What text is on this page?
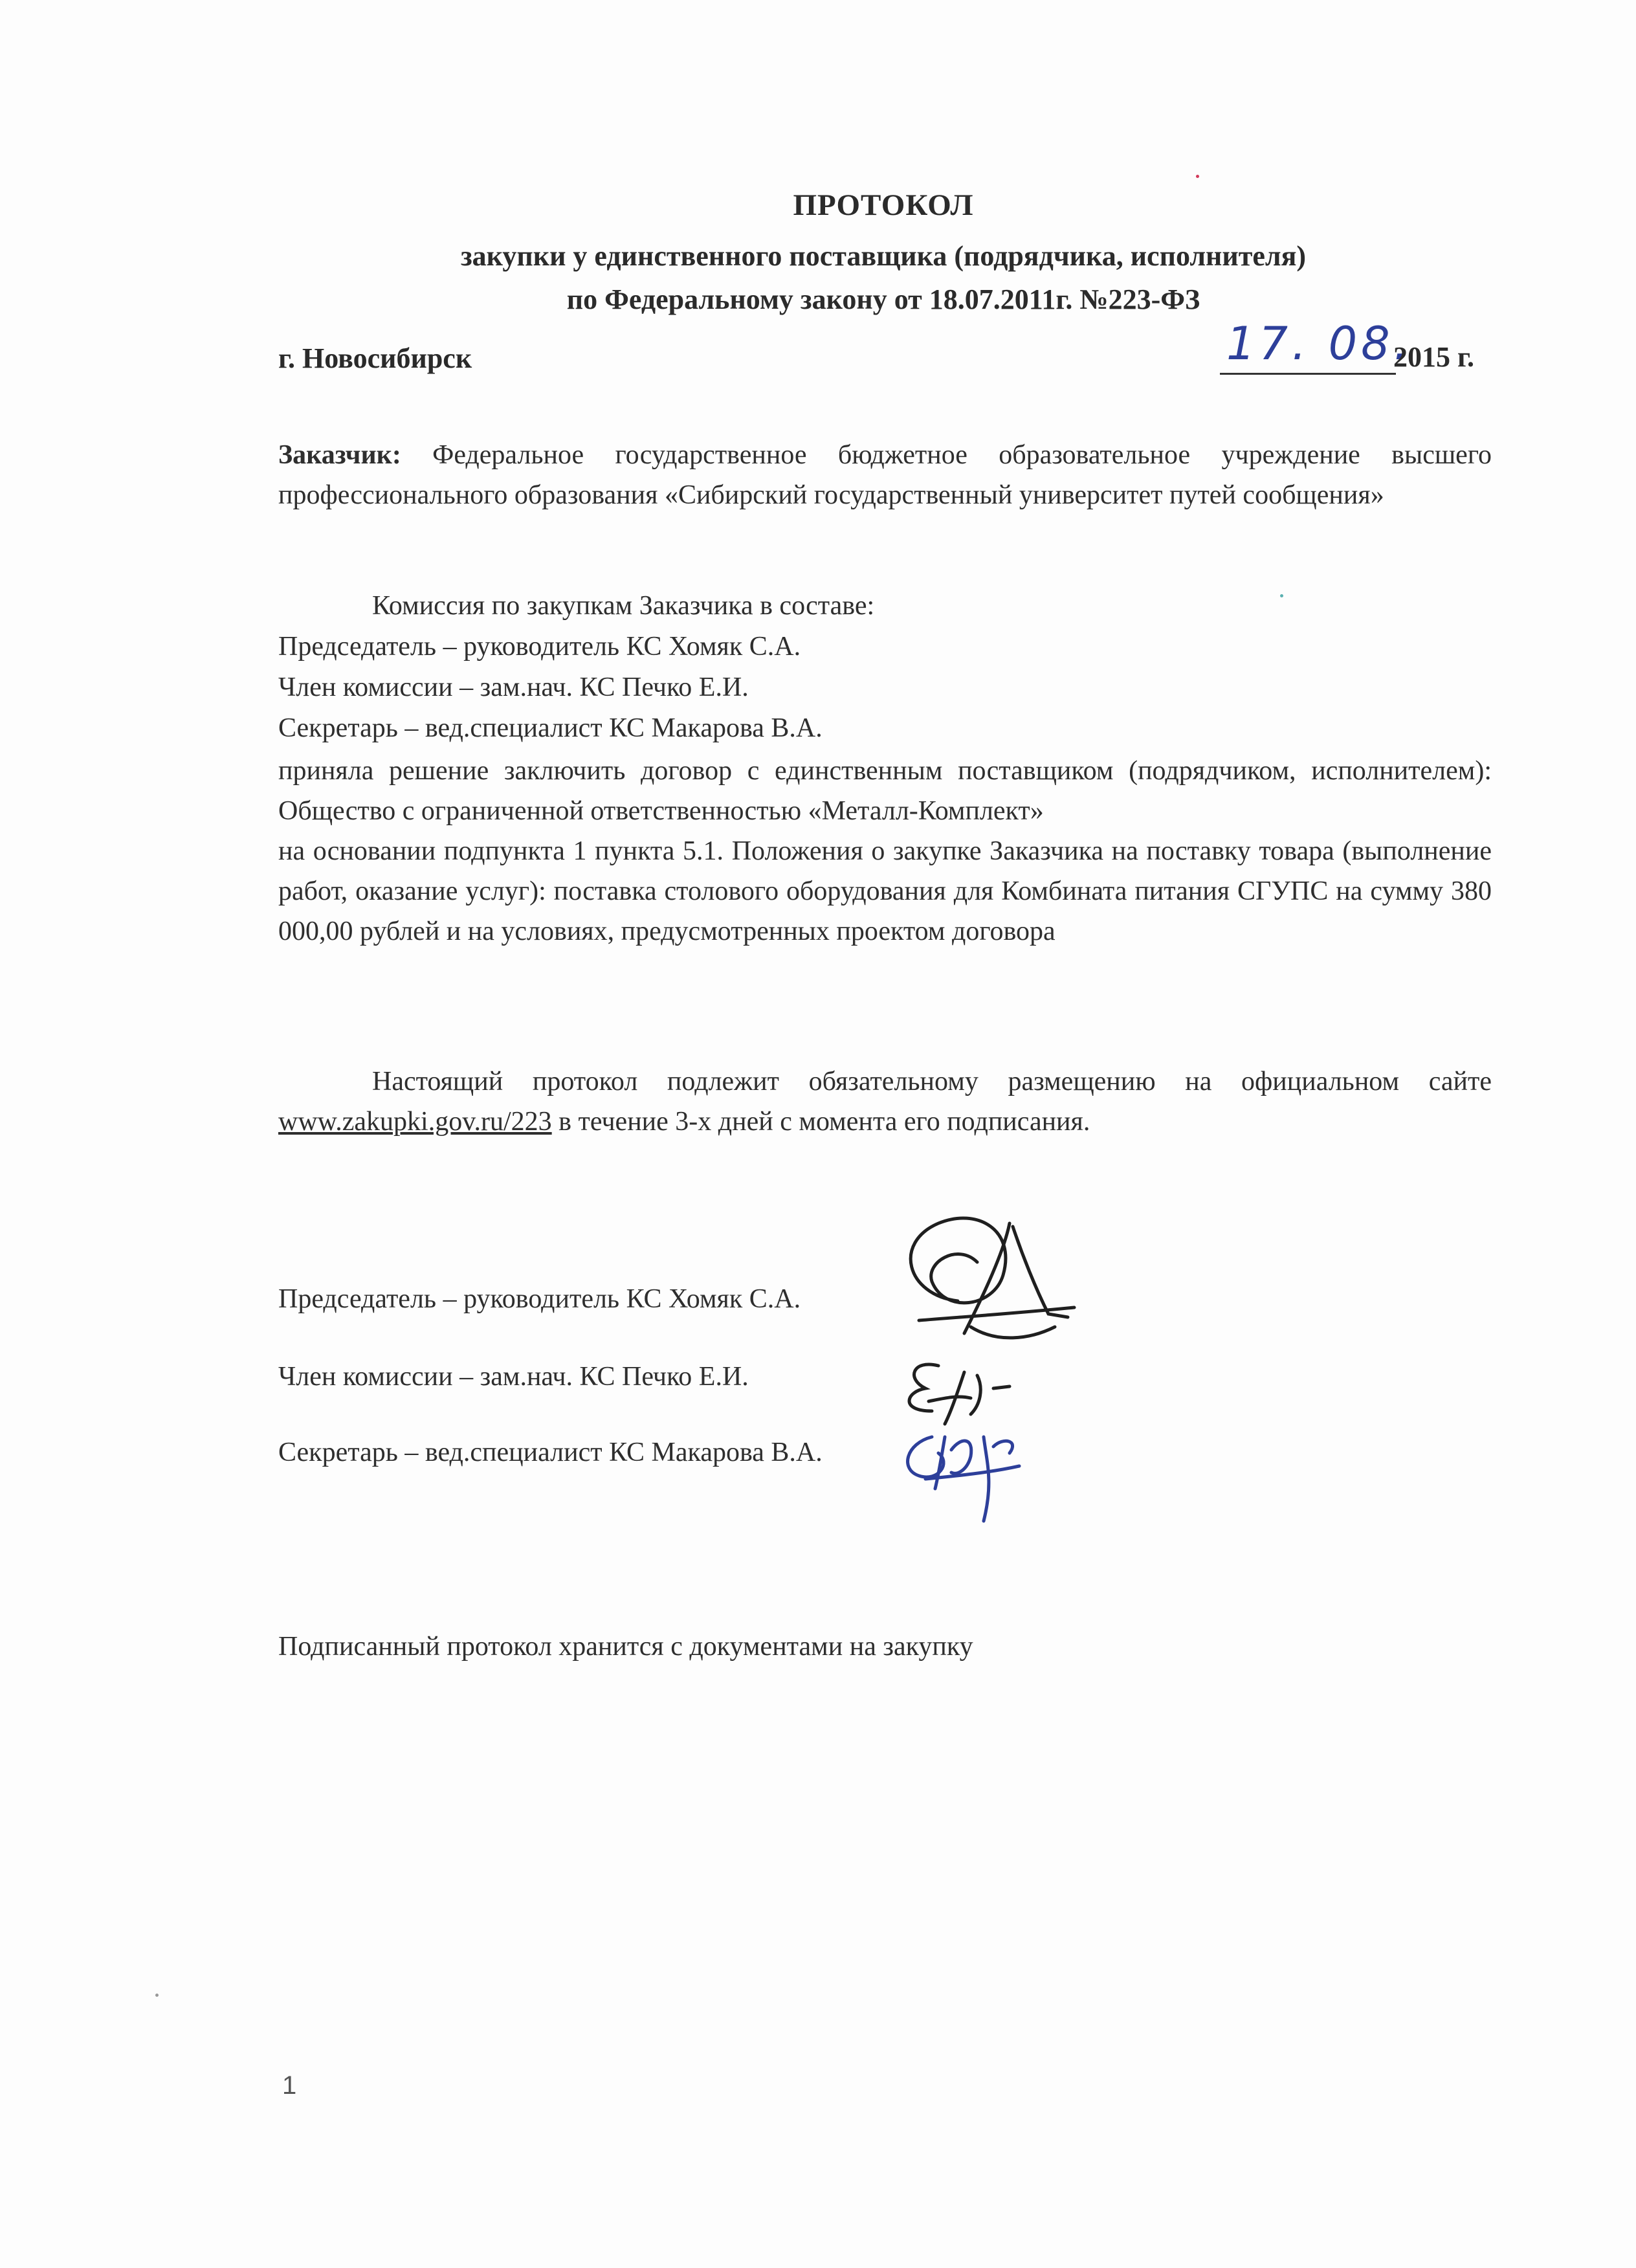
ПРОТОКОЛ
закупки у единственного поставщика (подрядчика, исполнителя)
по Федеральному закону от 18.07.2011г. №223-ФЗ
г. Новосибирск	17. 08.
2015 г.
Заказчик: Федеральное государственное бюджетное образовательное учреждение высшего профессионального образования «Сибирский государственный университет путей сообщения»
Комиссия по закупкам Заказчика в составе:
Председатель – руководитель КС Хомяк С.А.
Член комиссии – зам.нач. КС Печко Е.И.
Секретарь – вед.специалист КС Макарова В.А.
приняла решение заключить договор с единственным поставщиком (подрядчиком, исполнителем): Общество с ограниченной ответственностью «Металл-Комплект»
на основании подпункта 1 пункта 5.1. Положения о закупке Заказчика на поставку товара (выполнение работ, оказание услуг): поставка столового оборудования для Комбината питания СГУПС на сумму 380 000,00 рублей и на условиях, предусмотренных проектом договора
Настоящий протокол подлежит обязательному размещению на официальном сайте www.zakupki.gov.ru/223 в течение 3-х дней с момента его подписания.
Председатель – руководитель КС Хомяк С.А.
Член комиссии – зам.нач. КС Печко Е.И.
Секретарь – вед.специалист КС Макарова В.А.
Подписанный протокол хранится с документами на закупку
1
